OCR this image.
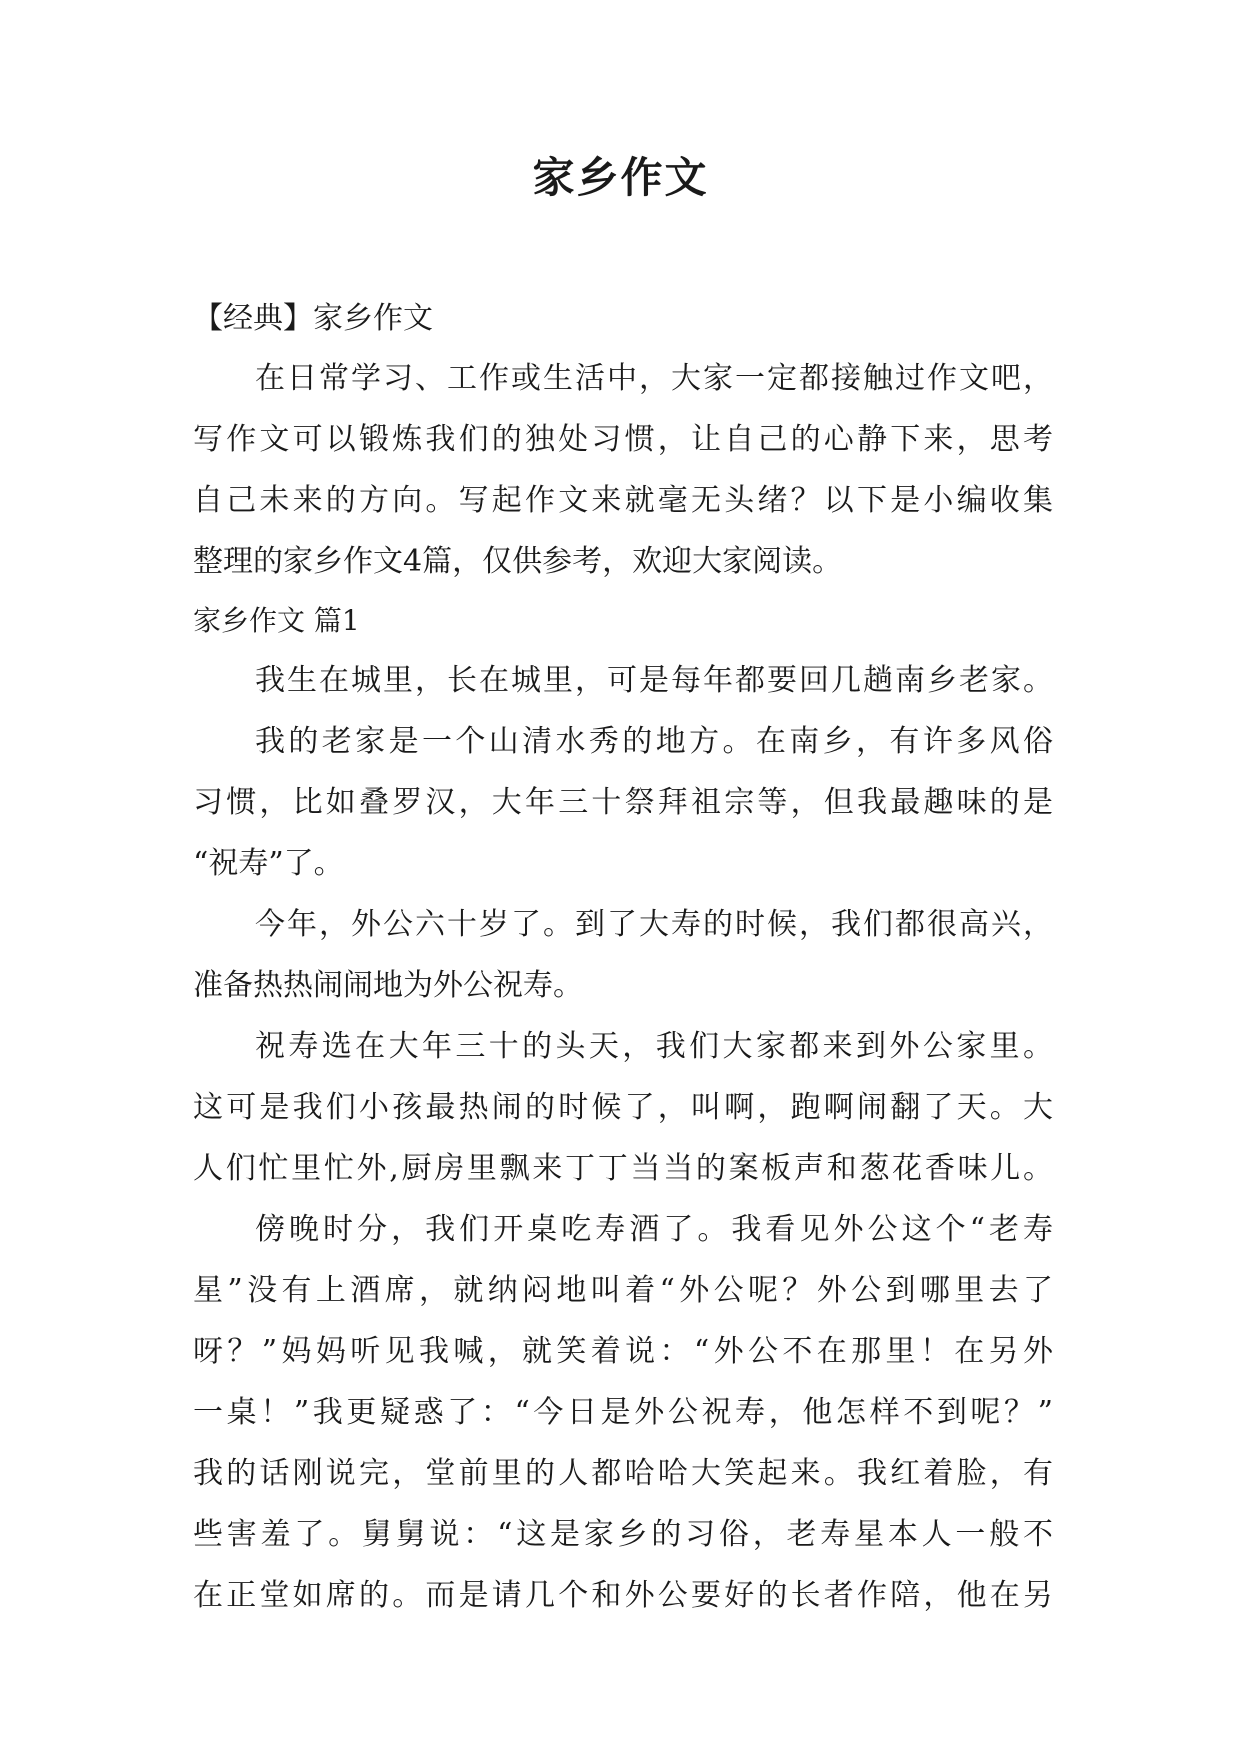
家乡作文
【经典】家乡作文
在日常学习、工作或生活中，大家一定都接触过作文吧，
写作文可以锻炼我们的独处习惯，让自己的心静下来，思考
自己未来的方向。写起作文来就毫无头绪？以下是小编收集
整理的家乡作文4篇，仅供参考，欢迎大家阅读。
家乡作文 篇1
我生在城里，长在城里，可是每年都要回几趟南乡老家。
我的老家是一个山清水秀的地方。在南乡，有许多风俗
习惯，比如叠罗汉，大年三十祭拜祖宗等，但我最趣味的是
“祝寿”了。
今年，外公六十岁了。到了大寿的时候，我们都很高兴，
准备热热闹闹地为外公祝寿。
祝寿选在大年三十的头天，我们大家都来到外公家里。
这可是我们小孩最热闹的时候了，叫啊，跑啊闹翻了天。大
人们忙里忙外,厨房里飘来丁丁当当的案板声和葱花香味儿。
傍晚时分，我们开桌吃寿酒了。我看见外公这个“老寿
星”没有上酒席，就纳闷地叫着“外公呢？外公到哪里去了
呀？”妈妈听见我喊，就笑着说：“外公不在那里！在另外
一桌！”我更疑惑了：“今日是外公祝寿，他怎样不到呢？”
我的话刚说完，堂前里的人都哈哈大笑起来。我红着脸，有
些害羞了。舅舅说：“这是家乡的习俗，老寿星本人一般不
在正堂如席的。而是请几个和外公要好的长者作陪，他在另
